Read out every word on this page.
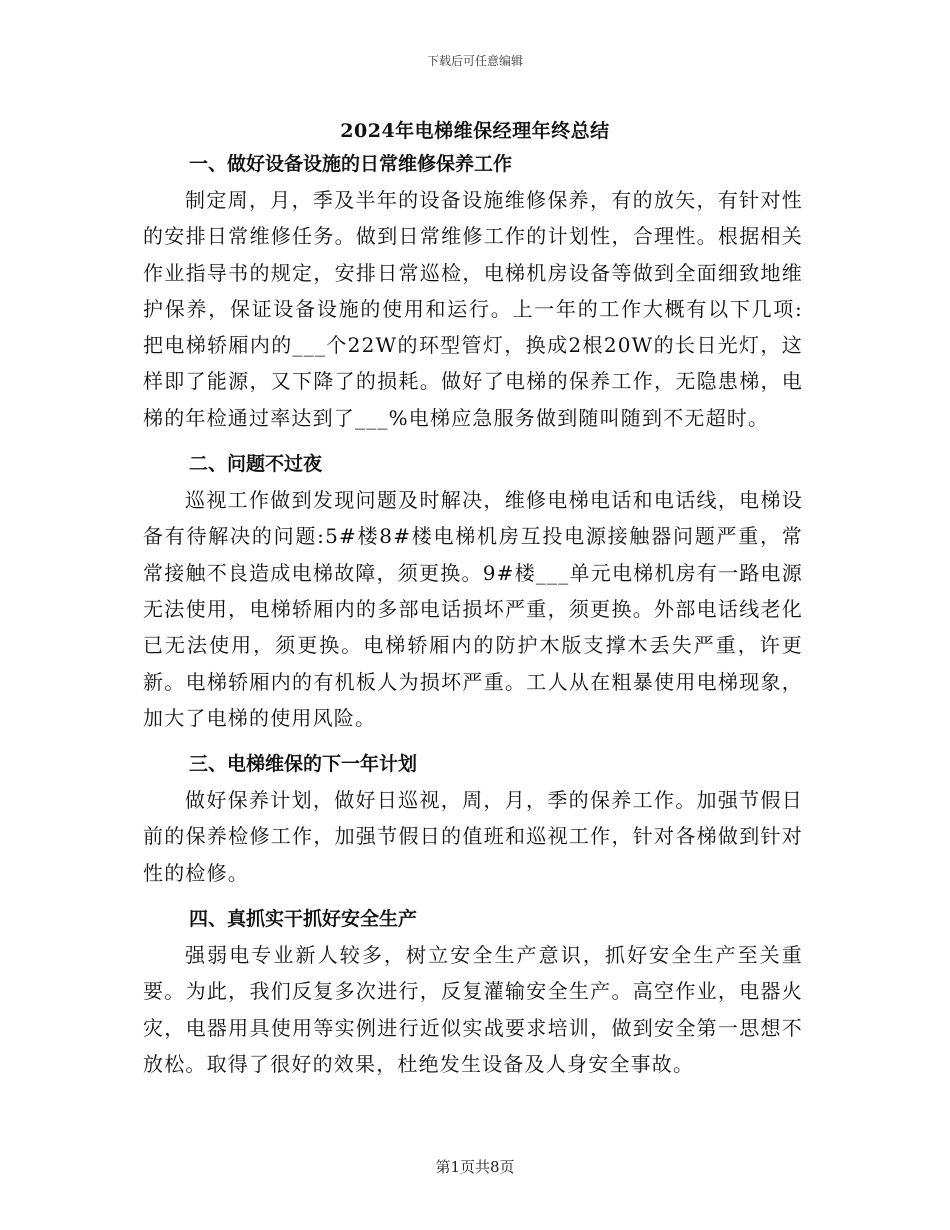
下载后可任意编辑
2024年电梯维保经理年终总结
一、做好设备设施的日常维修保养工作

制定周，月，季及半年的设备设施维修保养，有的放矢，有针对性的安排日常维修任务。做到日常维修工作的计划性，合理性。根据相关作业指导书的规定，安排日常巡检，电梯机房设备等做到全面细致地维护保养，保证设备设施的使用和运行。上一年的工作大概有以下几项:把电梯轿厢内的___个22W的环型管灯，换成2根20W的长日光灯，这样即了能源，又下降了的损耗。做好了电梯的保养工作，无隐患梯，电梯的年检通过率达到了___%电梯应急服务做到随叫随到不无超时。

二、问题不过夜

巡视工作做到发现问题及时解决，维修电梯电话和电话线，电梯设备有待解决的问题:5#楼8#楼电梯机房互投电源接触器问题严重，常常接触不良造成电梯故障，须更换。9#楼___单元电梯机房有一路电源无法使用，电梯轿厢内的多部电话损坏严重，须更换。外部电话线老化已无法使用，须更换。电梯轿厢内的防护木版支撑木丢失严重，许更新。电梯轿厢内的有机板人为损坏严重。工人从在粗暴使用电梯现象，加大了电梯的使用风险。

三、电梯维保的下一年计划

做好保养计划，做好日巡视，周，月，季的保养工作。加强节假日前的保养检修工作，加强节假日的值班和巡视工作，针对各梯做到针对性的检修。

四、真抓实干抓好安全生产

强弱电专业新人较多，树立安全生产意识，抓好安全生产至关重要。为此，我们反复多次进行，反复灌输安全生产。高空作业，电器火灾，电器用具使用等实例进行近似实战要求培训，做到安全第一思想不放松。取得了很好的效果，杜绝发生设备及人身安全事故。

第1页共8页
